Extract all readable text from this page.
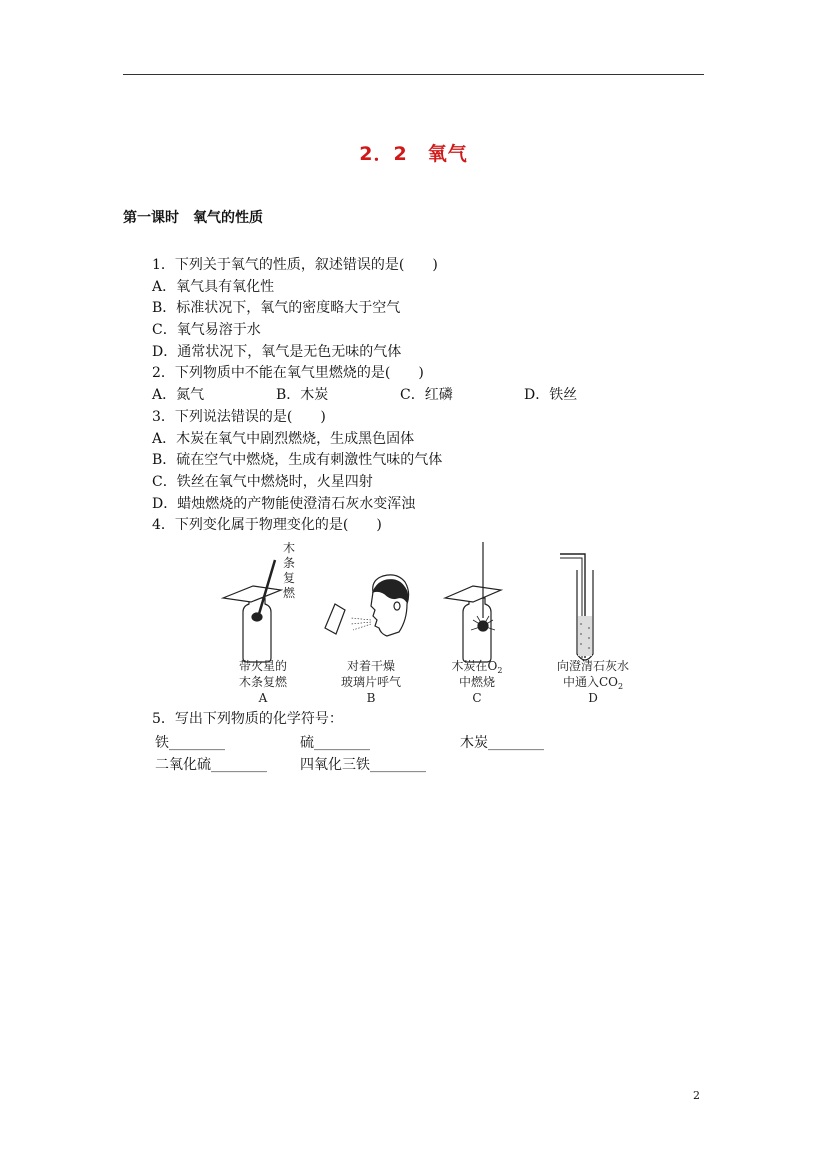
2．2　氧气
第一课时　氧气的性质
1．下列关于氧气的性质，叙述错误的是(　　)
A．氧气具有氧化性
B．标准状况下，氧气的密度略大于空气
C．氧气易溶于水
D．通常状况下，氧气是无色无味的气体
2．下列物质中不能在氧气里燃烧的是(　　)
A．氮气	B．木炭	C．红磷	D．铁丝
3．下列说法错误的是(　　)
A．木炭在氧气中剧烈燃烧，生成黑色固体
B．硫在空气中燃烧，生成有刺激性气味的气体
C．铁丝在氧气中燃烧时，火星四射
D．蜡烛燃烧的产物能使澄清石灰水变浑浊
4．下列变化属于物理变化的是(　　)
木
条
复
燃
带火星的
木条复燃
A
对着干燥
玻璃片呼气
B
木炭在$O_2$
中燃烧
C
向澄清石灰水
中通入$CO_2$
D
5．写出下列物质的化学符号：
铁________	硫________	木炭________
二氧化硫________ 四氧化三铁________
2
